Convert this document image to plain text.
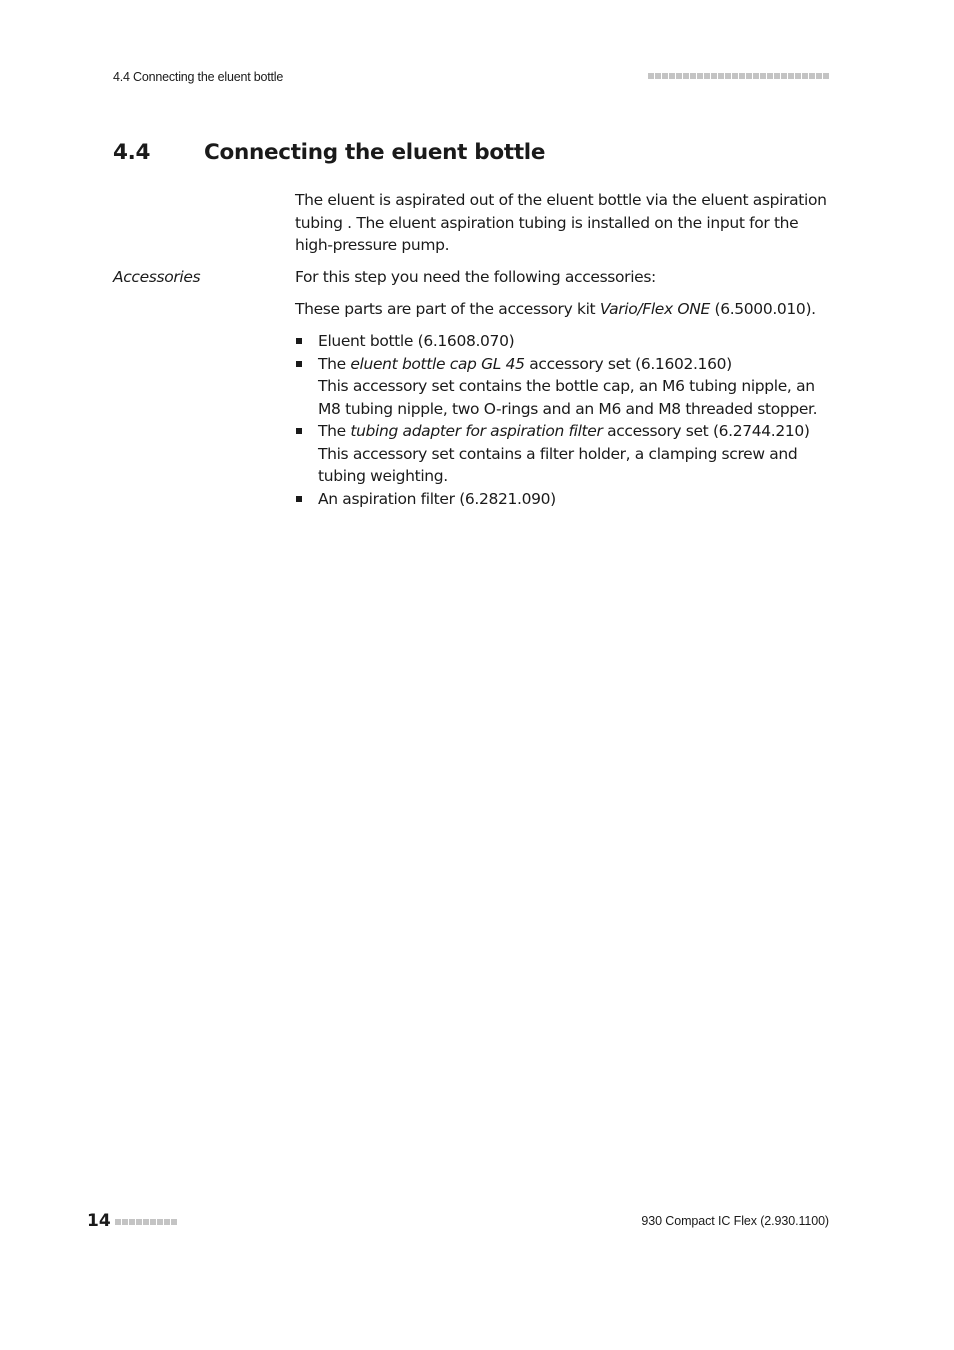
4.4 Connecting the eluent bottle
4.4	Connecting the eluent bottle

The eluent is aspirated out of the eluent bottle via the eluent aspiration tubing . The eluent aspiration tubing is installed on the input for the high-pressure pump.

Accessories	For this step you need the following accessories:

These parts are part of the accessory kit Vario/Flex ONE (6.5000.010).

Eluent bottle (6.1608.070)
The eluent bottle cap GL 45 accessory set (6.1602.160)
This accessory set contains the bottle cap, an M6 tubing nipple, an M8 tubing nipple, two O-rings and an M6 and M8 threaded stopper.
The tubing adapter for aspiration filter accessory set (6.2744.210)
This accessory set contains a filter holder, a clamping screw and tubing weighting.
An aspiration filter (6.2821.090)
14	930 Compact IC Flex (2.930.1100)
